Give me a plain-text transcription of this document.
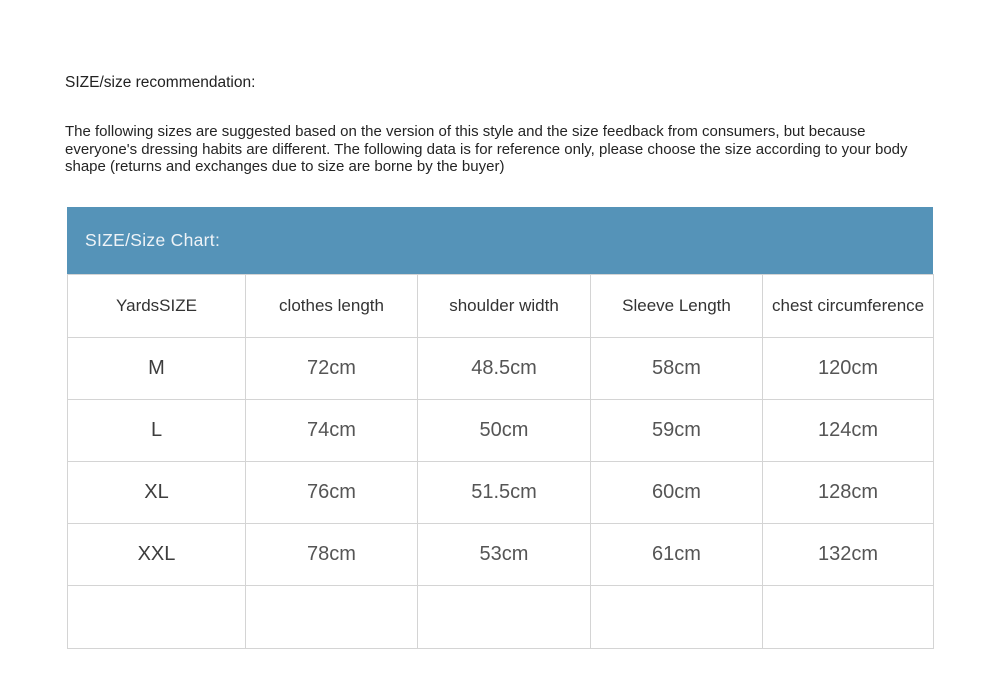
SIZE/size recommendation:

The following sizes are suggested based on the version of this style and the size feedback from consumers, but because everyone's dressing habits are different. The following data is for reference only, please choose the size according to your body shape (returns and exchanges due to size are borne by the buyer)

SIZE/Size Chart:
YardsSIZE	clothes length	shoulder width	Sleeve Length	chest circumference
M	72cm	48.5cm	58cm	120cm
L	74cm	50cm	59cm	124cm
XL	76cm	51.5cm	60cm	128cm
XXL	78cm	53cm	61cm	132cm
